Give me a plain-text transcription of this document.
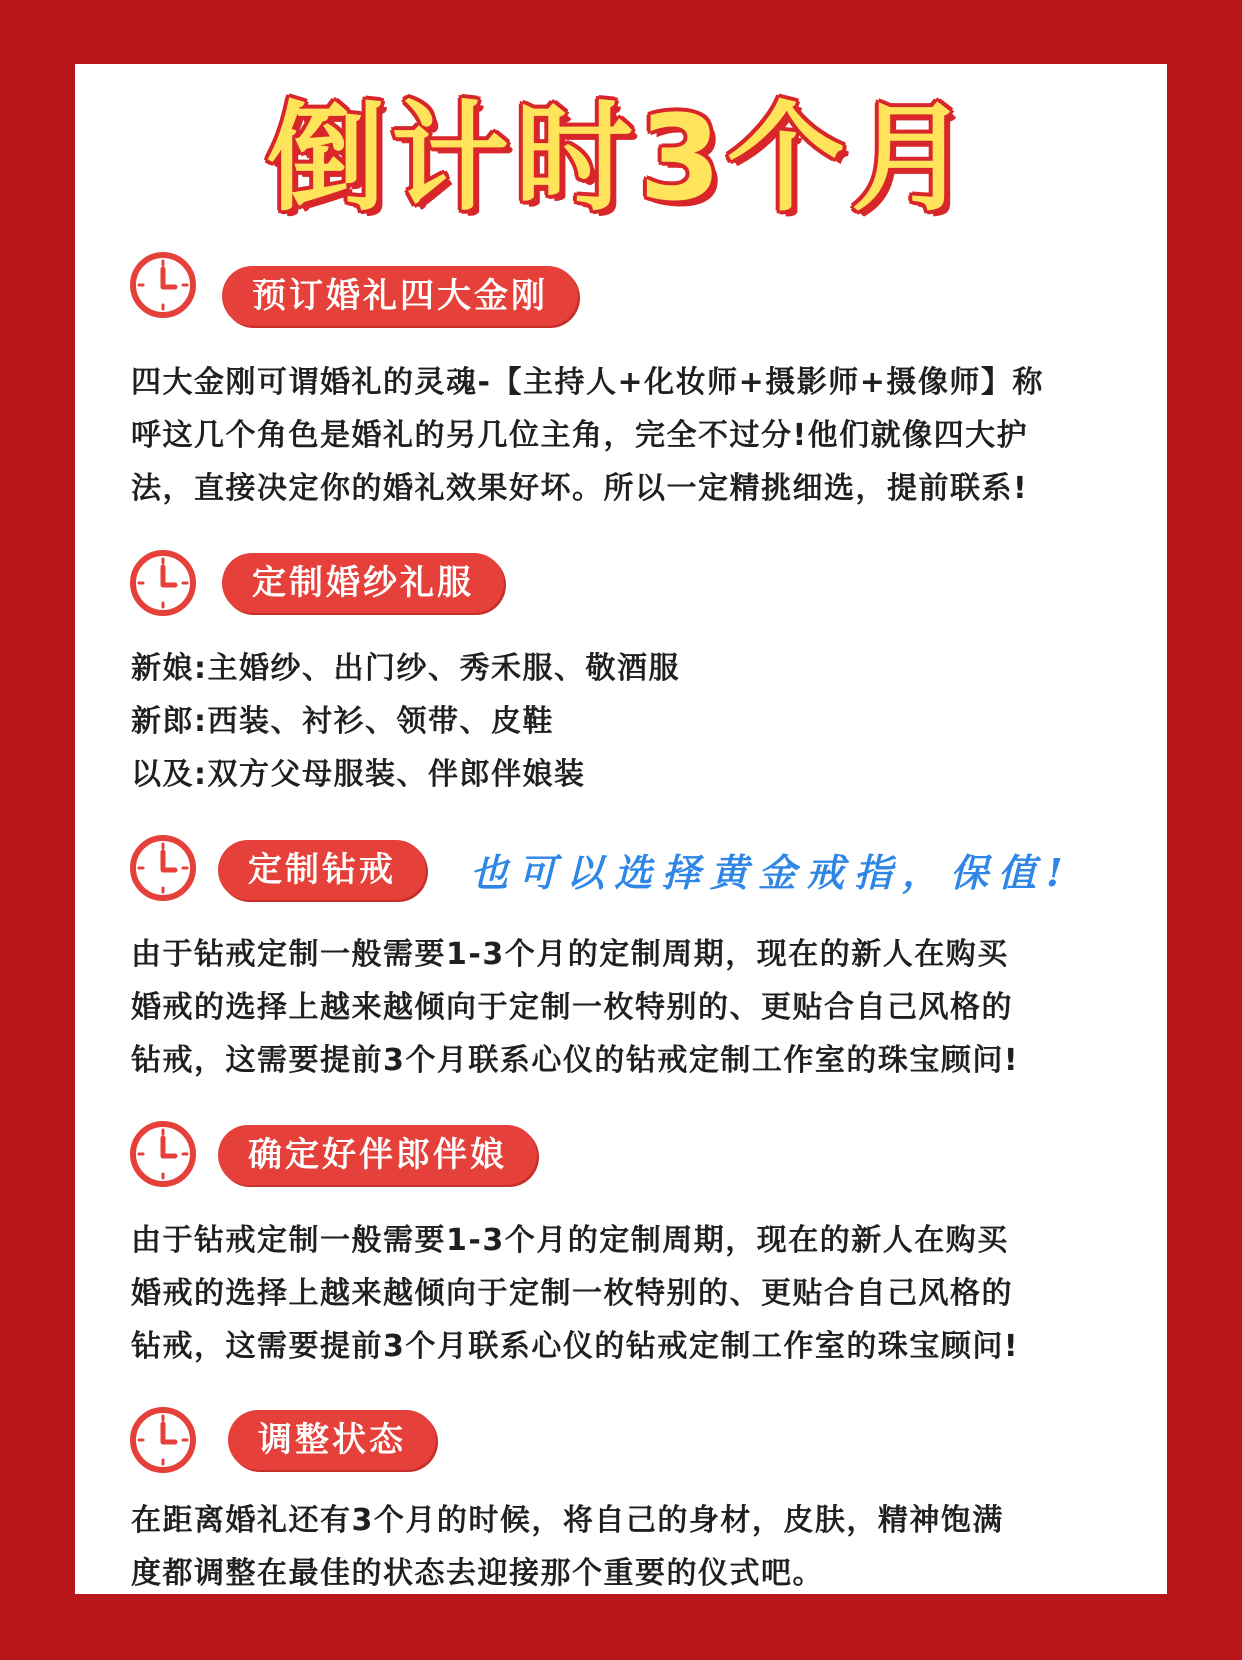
倒计时3个月
预订婚礼四大金刚

四大金刚可谓婚礼的灵魂-【主持人+化妆师+摄影师+摄像师】称

呼这几个角色是婚礼的另几位主角，完全不过分!他们就像四大护

法，直接决定你的婚礼效果好坏。所以一定精挑细选，提前联系!

定制婚纱礼服

新娘:主婚纱、出门纱、秀禾服、敬酒服

新郎:西装、衬衫、领带、皮鞋

以及:双方父母服装、伴郎伴娘装

定制钻戒	也可以选择黄金戒指，保值!

由于钻戒定制一般需要1-3个月的定制周期，现在的新人在购买

婚戒的选择上越来越倾向于定制一枚特别的、更贴合自己风格的

钻戒，这需要提前3个月联系心仪的钻戒定制工作室的珠宝顾问!

确定好伴郎伴娘

由于钻戒定制一般需要1-3个月的定制周期，现在的新人在购买

婚戒的选择上越来越倾向于定制一枚特别的、更贴合自己风格的

钻戒，这需要提前3个月联系心仪的钻戒定制工作室的珠宝顾问!

调整状态

在距离婚礼还有3个月的时候，将自己的身材，皮肤，精神饱满

度都调整在最佳的状态去迎接那个重要的仪式吧。
